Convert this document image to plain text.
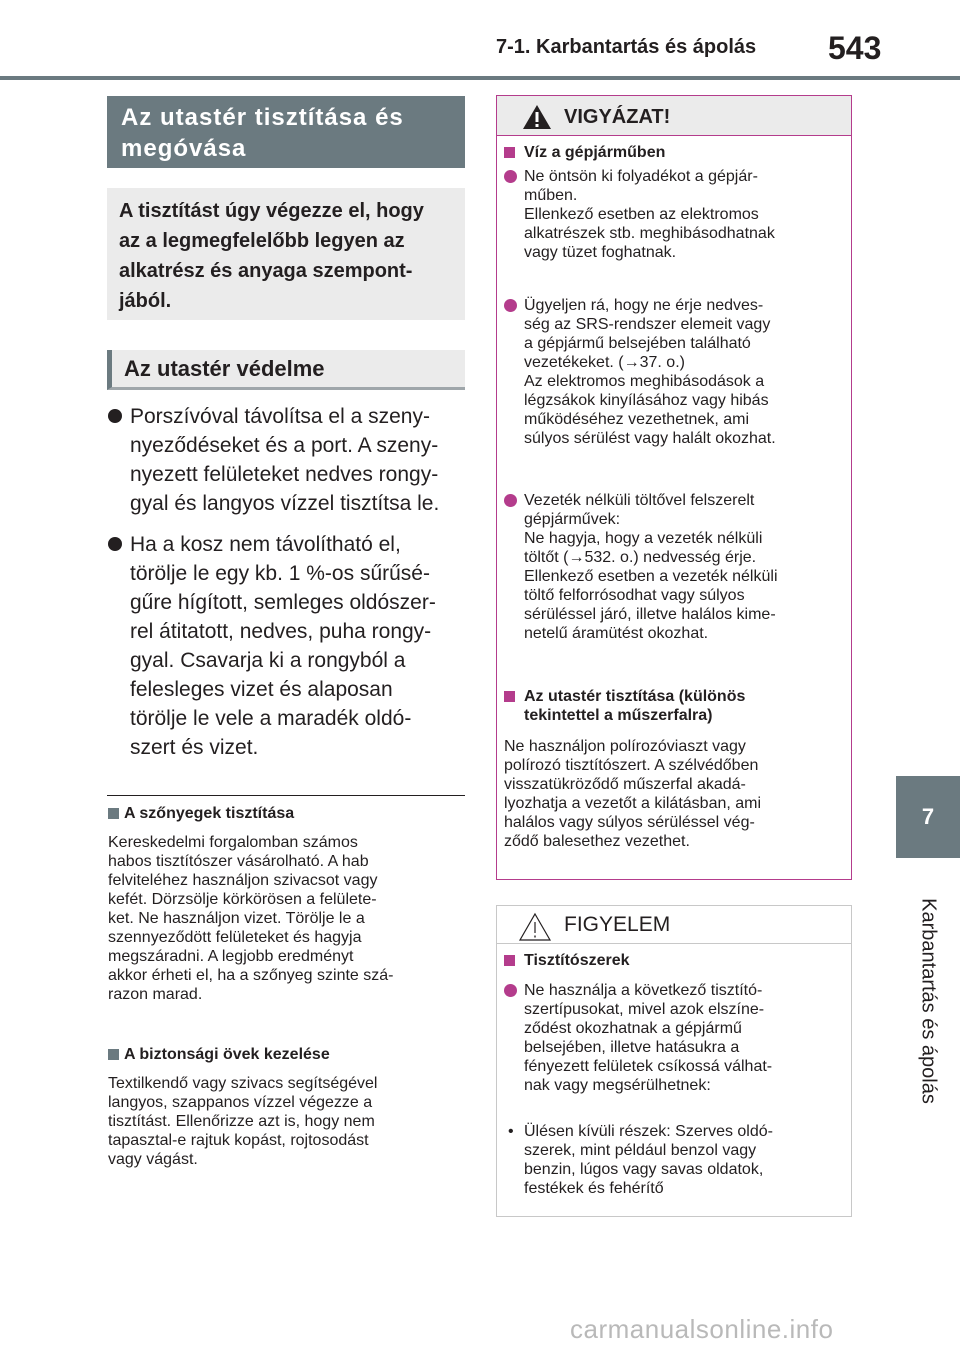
7-1. Karbantartás és ápolás 543
7
Karbantartás és ápolás
Az utastér tisztítása és
megóvása
A tisztítást úgy végezze el, hogy
az a legmegfelelőbb legyen az
alkatrész és anyaga szempont-
jából.
Az utastér védelme
Porszívóval távolítsa el a szeny-
nyeződéseket és a port. A szeny-
nyezett felületeket nedves rongy-
gyal és langyos vízzel tisztítsa le.
Ha a kosz nem távolítható el,
törölje le egy kb. 1 %-os sűrűsé-
gűre hígított, semleges oldószer-
rel átitatott, nedves, puha rongy-
gyal. Csavarja ki a rongyból a
felesleges vizet és alaposan
törölje le vele a maradék oldó-
szert és vizet.
A szőnyegek tisztítása
Kereskedelmi forgalomban számos
habos tisztítószer vásárolható. A hab
felviteléhez használjon szivacsot vagy
kefét. Dörzsölje körkörösen a felülete-
ket. Ne használjon vizet. Törölje le a
szennyeződött felületeket és hagyja
megszáradni. A legjobb eredményt
akkor érheti el, ha a szőnyeg szinte szá-
razon marad.
A biztonsági övek kezelése
Textilkendő vagy szivacs segítségével
langyos, szappanos vízzel végezze a
tisztítást. Ellenőrizze azt is, hogy nem
tapasztal-e rajtuk kopást, rojtosodást
vagy vágást.
VIGYÁZAT!
Víz a gépjárműben
Ne öntsön ki folyadékot a gépjár-
műben.
Ellenkező esetben az elektromos
alkatrészek stb. meghibásodhatnak
vagy tüzet foghatnak.
Ügyeljen rá, hogy ne érje nedves-
ség az SRS-rendszer elemeit vagy
a gépjármű belsejében található
vezetékeket. (→37. o.)
Az elektromos meghibásodások a
légzsákok kinyílásához vagy hibás
működéséhez vezethetnek, ami
súlyos sérülést vagy halált okozhat.
Vezeték nélküli töltővel felszerelt
gépjárművek:
Ne hagyja, hogy a vezeték nélküli
töltőt (→532. o.) nedvesség érje.
Ellenkező esetben a vezeték nélküli
töltő felforrósodhat vagy súlyos
sérüléssel járó, illetve halálos kime-
netelű áramütést okozhat.
Az utastér tisztítása (különös
tekintettel a műszerfalra)
Ne használjon polírozóviaszt vagy
polírozó tisztítószert. A szélvédőben
visszatükröződő műszerfal akadá-
lyozhatja a vezetőt a kilátásban, ami
halálos vagy súlyos sérüléssel vég-
ződő balesethez vezethet.
FIGYELEM
Tisztítószerek
Ne használja a következő tisztító-
szertípusokat, mivel azok elszíne-
ződést okozhatnak a gépjármű
belsejében, illetve hatásukra a
fényezett felületek csíkossá válhat-
nak vagy megsérülhetnek:
• Ülésen kívüli részek: Szerves oldó-
szerek, mint például benzol vagy
benzin, lúgos vagy savas oldatok,
festékek és fehérítő
carmanualsonline.info
